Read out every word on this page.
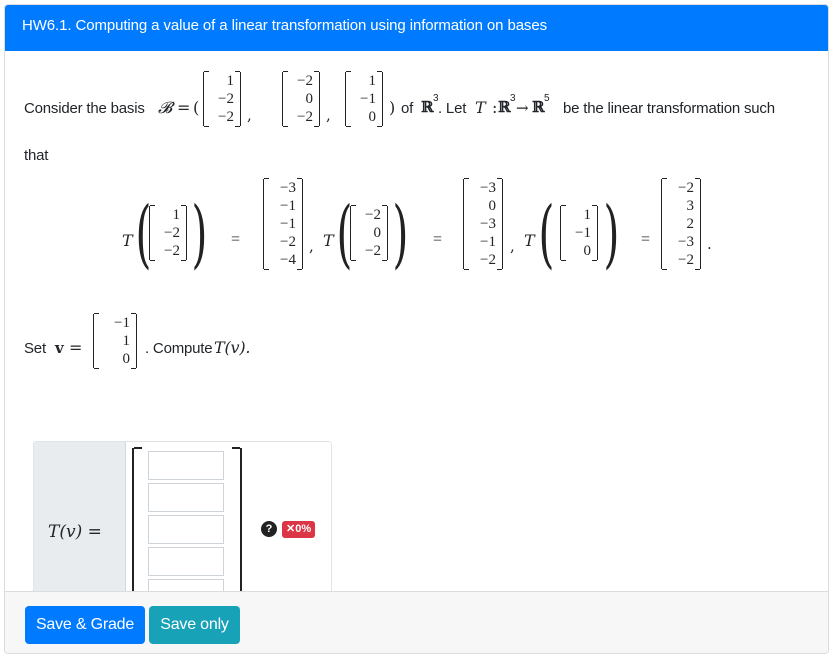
HW6.1. Computing a value of a linear transformation using information on bases
Consider the basis 𝓑 = (
1
−2
−2 ,
−2
0
−2 ,
1
−1
0 ) of ℝ 3
. Let T : ℝ 3
→ ℝ 5
be the linear transformation such
that
T (	1
−2
−2 ) =
−3
−1
−1
−2
−4
, T ( −2
0
−2 ) =
−3
0
−3
−1
−2
, T (	1
−1
0 ) =
−2
3
2
−3
−2
.
Set v =
−1
1
0
. Compute T(v).
T(v) =	?	✕0%
Save & Grade	Save only
